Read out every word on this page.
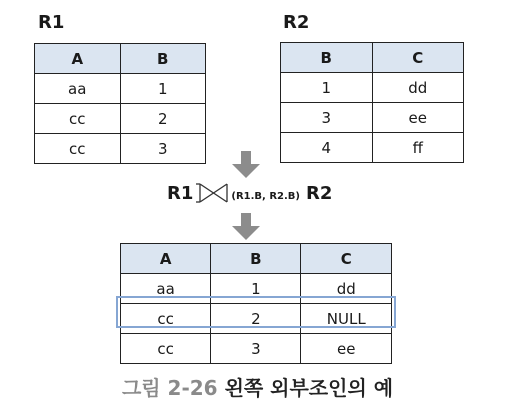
R1
A	B
aa	1
cc	2
cc	3
R2
B	C
1	dd
3	ee
4	ff
R1	(R1.B, R2.B) R2
A	B	C
aa	1	dd
cc	2	NULL
cc	3	ee
그림 2-26 왼쪽 외부조인의 예
